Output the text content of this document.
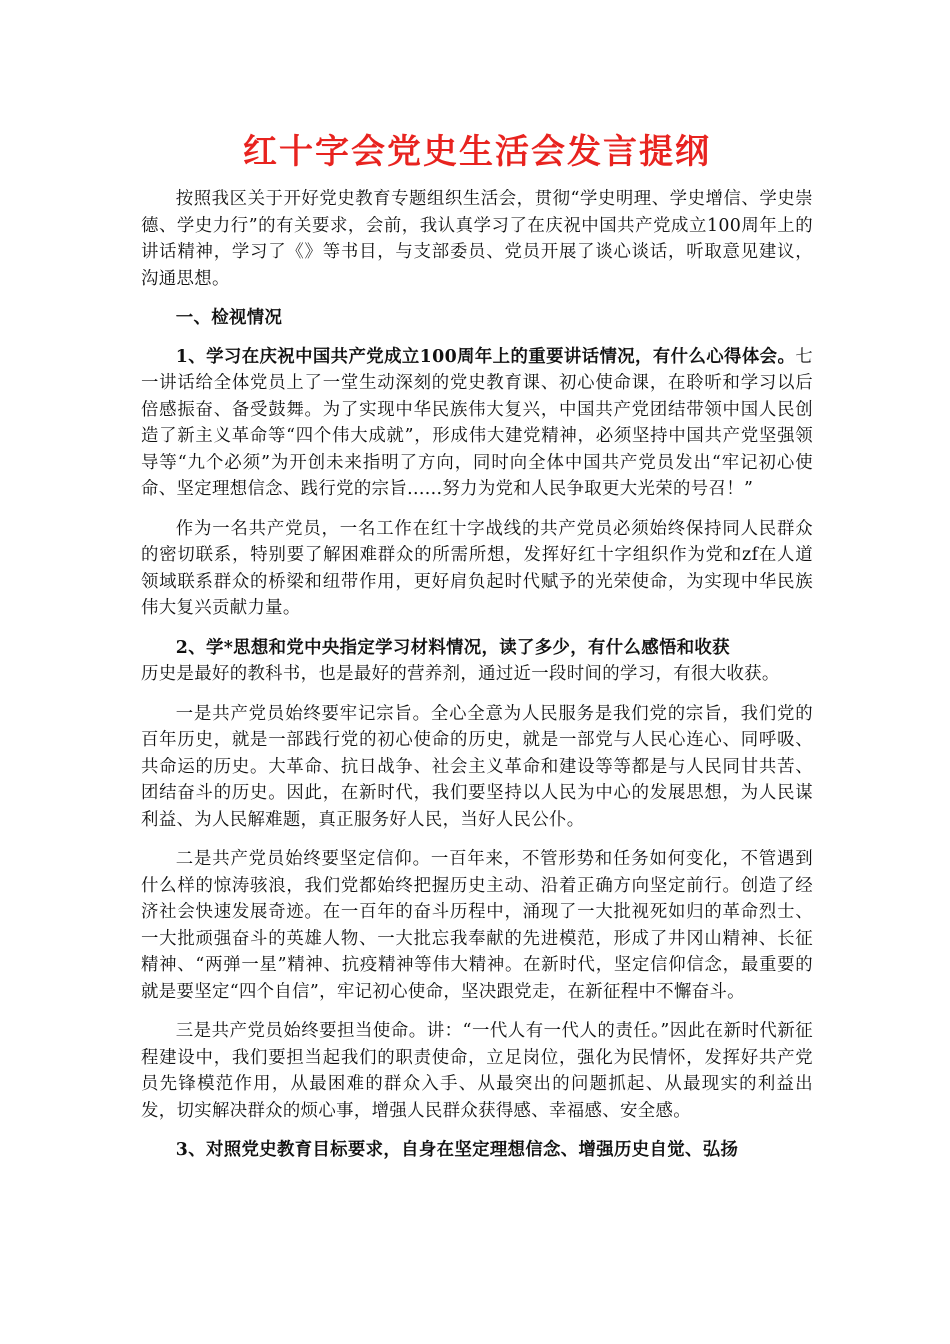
红十字会党史生活会发言提纲

按照我区关于开好党史教育专题组织生活会，贯彻“学史明理、学史增信、学史崇德、学史力行”的有关要求，会前，我认真学习了在庆祝中国共产党成立100周年上的讲话精神，学习了《》等书目，与支部委员、党员开展了谈心谈话，听取意见建议，沟通思想。

一、检视情况

1、学习在庆祝中国共产党成立100周年上的重要讲话情况，有什么心得体会。七一讲话给全体党员上了一堂生动深刻的党史教育课、初心使命课，在聆听和学习以后倍感振奋、备受鼓舞。为了实现中华民族伟大复兴，中国共产党团结带领中国人民创造了新主义革命等“四个伟大成就”，形成伟大建党精神，必须坚持中国共产党坚强领导等“九个必须”为开创未来指明了方向，同时向全体中国共产党员发出“牢记初心使命、坚定理想信念、践行党的宗旨......努力为党和人民争取更大光荣的号召！”

作为一名共产党员，一名工作在红十字战线的共产党员必须始终保持同人民群众的密切联系，特别要了解困难群众的所需所想，发挥好红十字组织作为党和zf在人道领域联系群众的桥梁和纽带作用，更好肩负起时代赋予的光荣使命，为实现中华民族伟大复兴贡献力量。

2、学*思想和党中央指定学习材料情况，读了多少，有什么感悟和收获

历史是最好的教科书，也是最好的营养剂，通过近一段时间的学习，有很大收获。

一是共产党员始终要牢记宗旨。全心全意为人民服务是我们党的宗旨，我们党的百年历史，就是一部践行党的初心使命的历史，就是一部党与人民心连心、同呼吸、共命运的历史。大革命、抗日战争、社会主义革命和建设等等都是与人民同甘共苦、团结奋斗的历史。因此，在新时代，我们要坚持以人民为中心的发展思想，为人民谋利益、为人民解难题，真正服务好人民，当好人民公仆。

二是共产党员始终要坚定信仰。一百年来，不管形势和任务如何变化，不管遇到什么样的惊涛骇浪，我们党都始终把握历史主动、沿着正确方向坚定前行。创造了经济社会快速发展奇迹。在一百年的奋斗历程中，涌现了一大批视死如归的革命烈士、一大批顽强奋斗的英雄人物、一大批忘我奉献的先进模范，形成了井冈山精神、长征精神、“两弹一星”精神、抗疫精神等伟大精神。在新时代，坚定信仰信念，最重要的就是要坚定“四个自信”，牢记初心使命，坚决跟党走，在新征程中不懈奋斗。

三是共产党员始终要担当使命。讲：“一代人有一代人的责任。”因此在新时代新征程建设中，我们要担当起我们的职责使命，立足岗位，强化为民情怀，发挥好共产党员先锋模范作用，从最困难的群众入手、从最突出的问题抓起、从最现实的利益出发，切实解决群众的烦心事，增强人民群众获得感、幸福感、安全感。

3、对照党史教育目标要求，自身在坚定理想信念、增强历史自觉、弘扬
